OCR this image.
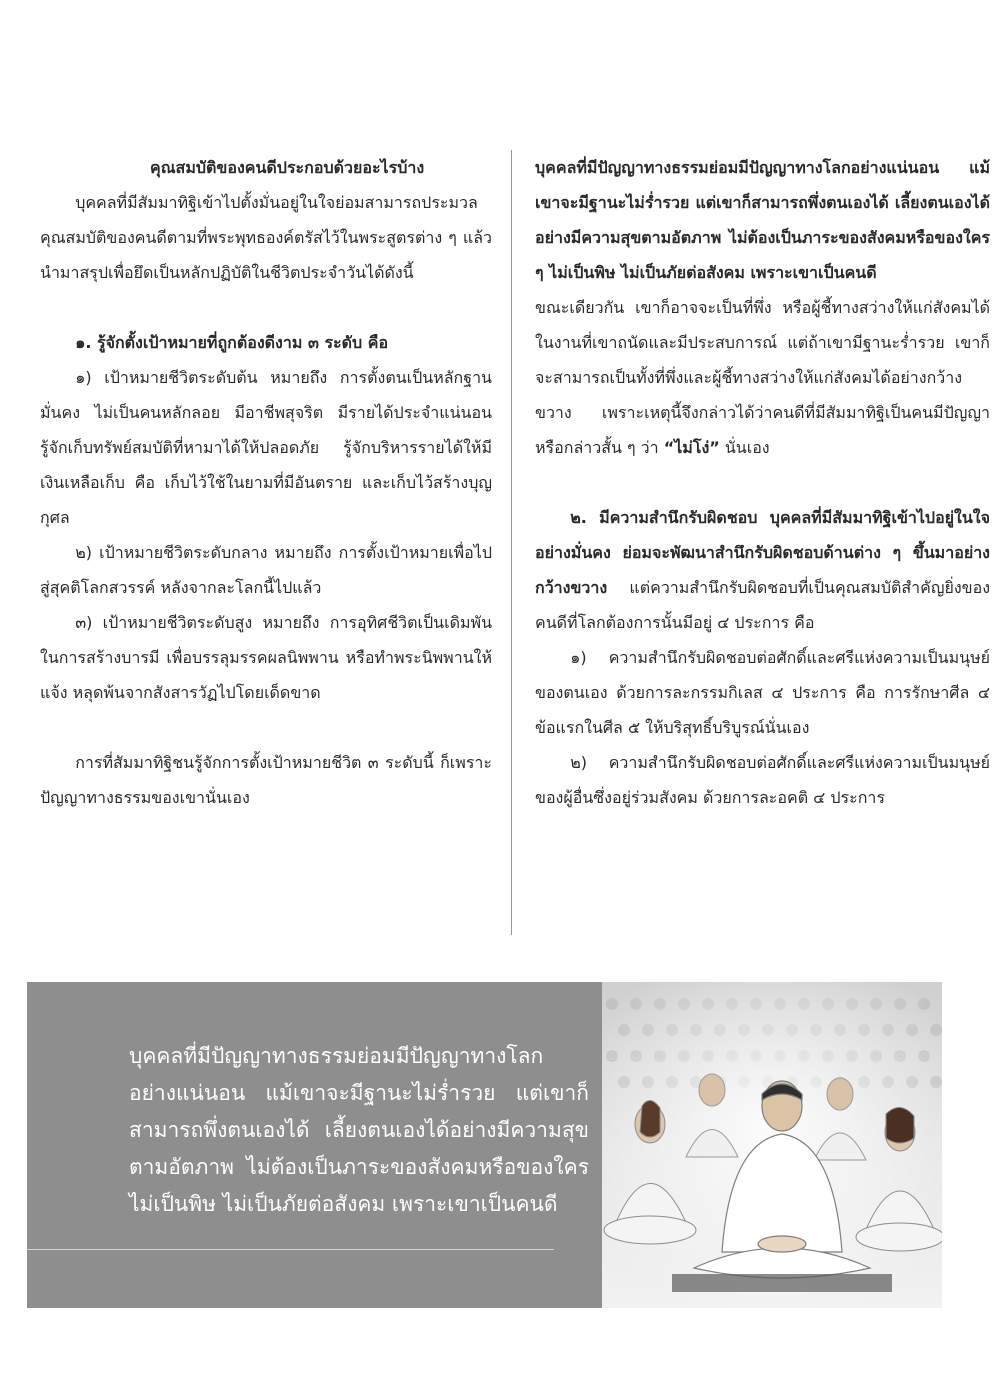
คุณสมบัติของคนดีประกอบด้วยอะไรบ้าง

บุคคลที่มีสัมมาทิฐิเข้าไปตั้งมั่นอยู่ในใจย่อมสามารถประมวลคุณสมบัติของคนดีตามที่พระพุทธองค์ตรัสไว้ในพระสูตรต่าง ๆ แล้วนำมาสรุปเพื่อยึดเป็นหลักปฏิบัติในชีวิตประจำวันได้ดังนี้

๑. รู้จักตั้งเป้าหมายที่ถูกต้องดีงาม ๓ ระดับ คือ

๑) เป้าหมายชีวิตระดับต้น หมายถึง การตั้งตนเป็นหลักฐานมั่นคง ไม่เป็นคนหลักลอย มีอาชีพสุจริต มีรายได้ประจำแน่นอน รู้จักเก็บทรัพย์สมบัติที่หามาได้ให้ปลอดภัย รู้จักบริหารรายได้ให้มีเงินเหลือเก็บ คือ เก็บไว้ใช้ในยามที่มีอันตราย และเก็บไว้สร้างบุญกุศล

๒) เป้าหมายชีวิตระดับกลาง หมายถึง การตั้งเป้าหมายเพื่อไปสู่สุคติโลกสวรรค์ หลังจากละโลกนี้ไปแล้ว

๓) เป้าหมายชีวิตระดับสูง หมายถึง การอุทิศชีวิตเป็นเดิมพันในการสร้างบารมี เพื่อบรรลุมรรคผลนิพพาน หรือทำพระนิพพานให้แจ้ง หลุดพ้นจากสังสารวัฏไปโดยเด็ดขาด

การที่สัมมาทิฐิชนรู้จักการตั้งเป้าหมายชีวิต ๓ ระดับนี้ ก็เพราะปัญญาทางธรรมของเขานั่นเอง

บุคคลที่มีปัญญาทางธรรมย่อมมีปัญญาทางโลกอย่างแน่นอน แม้เขาจะมีฐานะไม่ร่ำรวย แต่เขาก็สามารถพึ่งตนเองได้ เลี้ยงตนเองได้อย่างมีความสุขตามอัตภาพ ไม่ต้องเป็นภาระของสังคมหรือของใคร ๆ ไม่เป็นพิษ ไม่เป็นภัยต่อสังคม เพราะเขาเป็นคนดี

ขณะเดียวกัน เขาก็อาจจะเป็นที่พึ่ง หรือผู้ชี้ทางสว่างให้แก่สังคมได้ในงานที่เขาถนัดและมีประสบการณ์ แต่ถ้าเขามีฐานะร่ำรวย เขาก็จะสามารถเป็นทั้งที่พึ่งและผู้ชี้ทางสว่างให้แก่สังคมได้อย่างกว้างขวาง เพราะเหตุนี้จึงกล่าวได้ว่าคนดีที่มีสัมมาทิฐิเป็นคนมีปัญญา หรือกล่าวสั้น ๆ ว่า “ไม่โง่” นั่นเอง

๒. มีความสำนึกรับผิดชอบ บุคคลที่มีสัมมาทิฐิเข้าไปอยู่ในใจอย่างมั่นคง ย่อมจะพัฒนาสำนึกรับผิดชอบด้านต่าง ๆ ขึ้นมาอย่างกว้างขวาง แต่ความสำนึกรับผิดชอบที่เป็นคุณสมบัติสำคัญยิ่งของคนดีที่โลกต้องการนั้นมีอยู่ ๔ ประการ คือ

๑) ความสำนึกรับผิดชอบต่อศักดิ์และศรีแห่งความเป็นมนุษย์ของตนเอง ด้วยการละกรรมกิเลส ๔ ประการ คือ การรักษาศีล ๔ ข้อแรกในศีล ๕ ให้บริสุทธิ์บริบูรณ์นั่นเอง

๒) ความสำนึกรับผิดชอบต่อศักดิ์และศรีแห่งความเป็นมนุษย์ของผู้อื่นซึ่งอยู่ร่วมสังคม ด้วยการละอคติ ๔ ประการ

บุคคลที่มีปัญญาทางธรรมย่อมมีปัญญาทางโลกอย่างแน่นอน แม้เขาจะมีฐานะไม่ร่ำรวย แต่เขาก็สามารถพึ่งตนเองได้ เลี้ยงตนเองได้อย่างมีความสุขตามอัตภาพ ไม่ต้องเป็นภาระของสังคมหรือของใคร ไม่เป็นพิษ ไม่เป็นภัยต่อสังคม เพราะเขาเป็นคนดี
